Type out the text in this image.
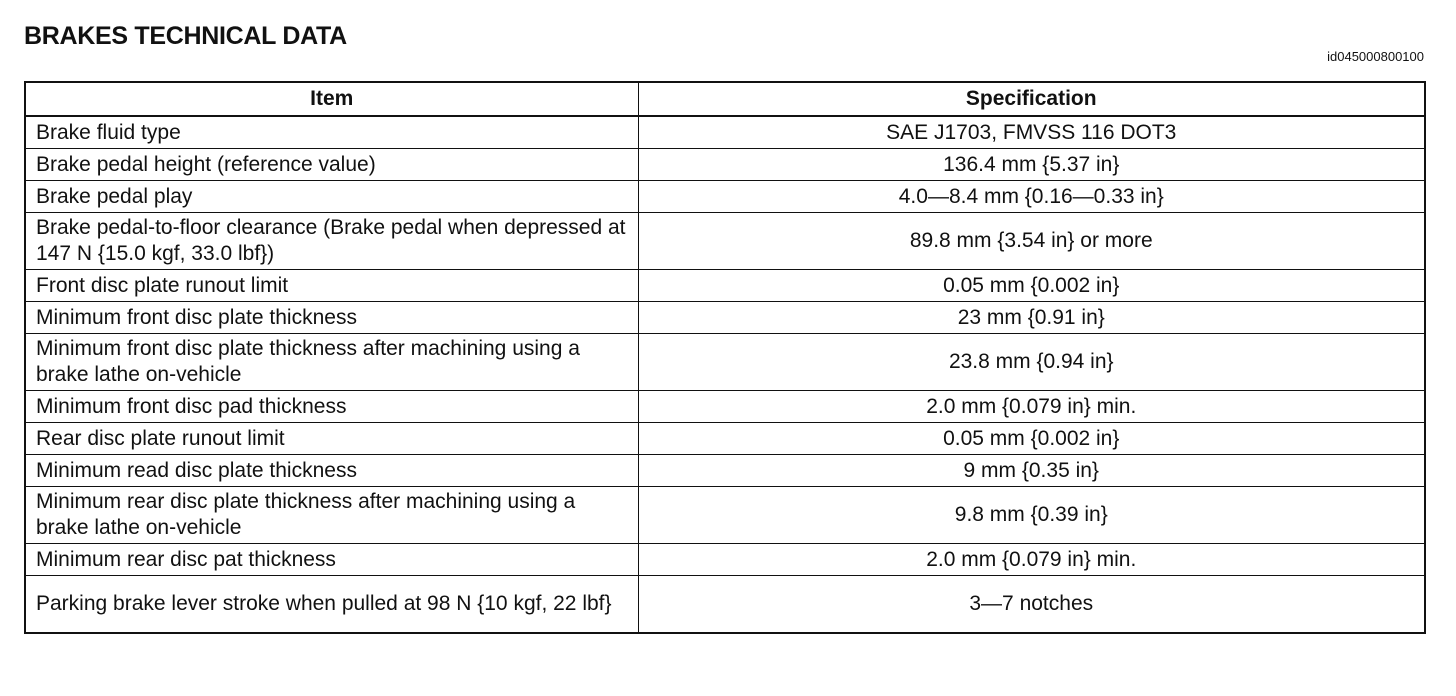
BRAKES TECHNICAL DATA
id045000800100
Item	Specification
Brake fluid type	SAE J1703, FMVSS 116 DOT3
Brake pedal height (reference value)	136.4 mm {5.37 in}
Brake pedal play	4.0—8.4 mm {0.16—0.33 in}
Brake pedal-to-floor clearance (Brake pedal when depressed at 147 N {15.0 kgf, 33.0 lbf})	89.8 mm {3.54 in} or more
Front disc plate runout limit	0.05 mm {0.002 in}
Minimum front disc plate thickness	23 mm {0.91 in}
Minimum front disc plate thickness after machining using a brake lathe on-vehicle	23.8 mm {0.94 in}
Minimum front disc pad thickness	2.0 mm {0.079 in} min.
Rear disc plate runout limit	0.05 mm {0.002 in}
Minimum read disc plate thickness	9 mm {0.35 in}
Minimum rear disc plate thickness after machining using a brake lathe on-vehicle	9.8 mm {0.39 in}
Minimum rear disc pat thickness	2.0 mm {0.079 in} min.
Parking brake lever stroke when pulled at 98 N {10 kgf, 22 lbf}	3—7 notches
